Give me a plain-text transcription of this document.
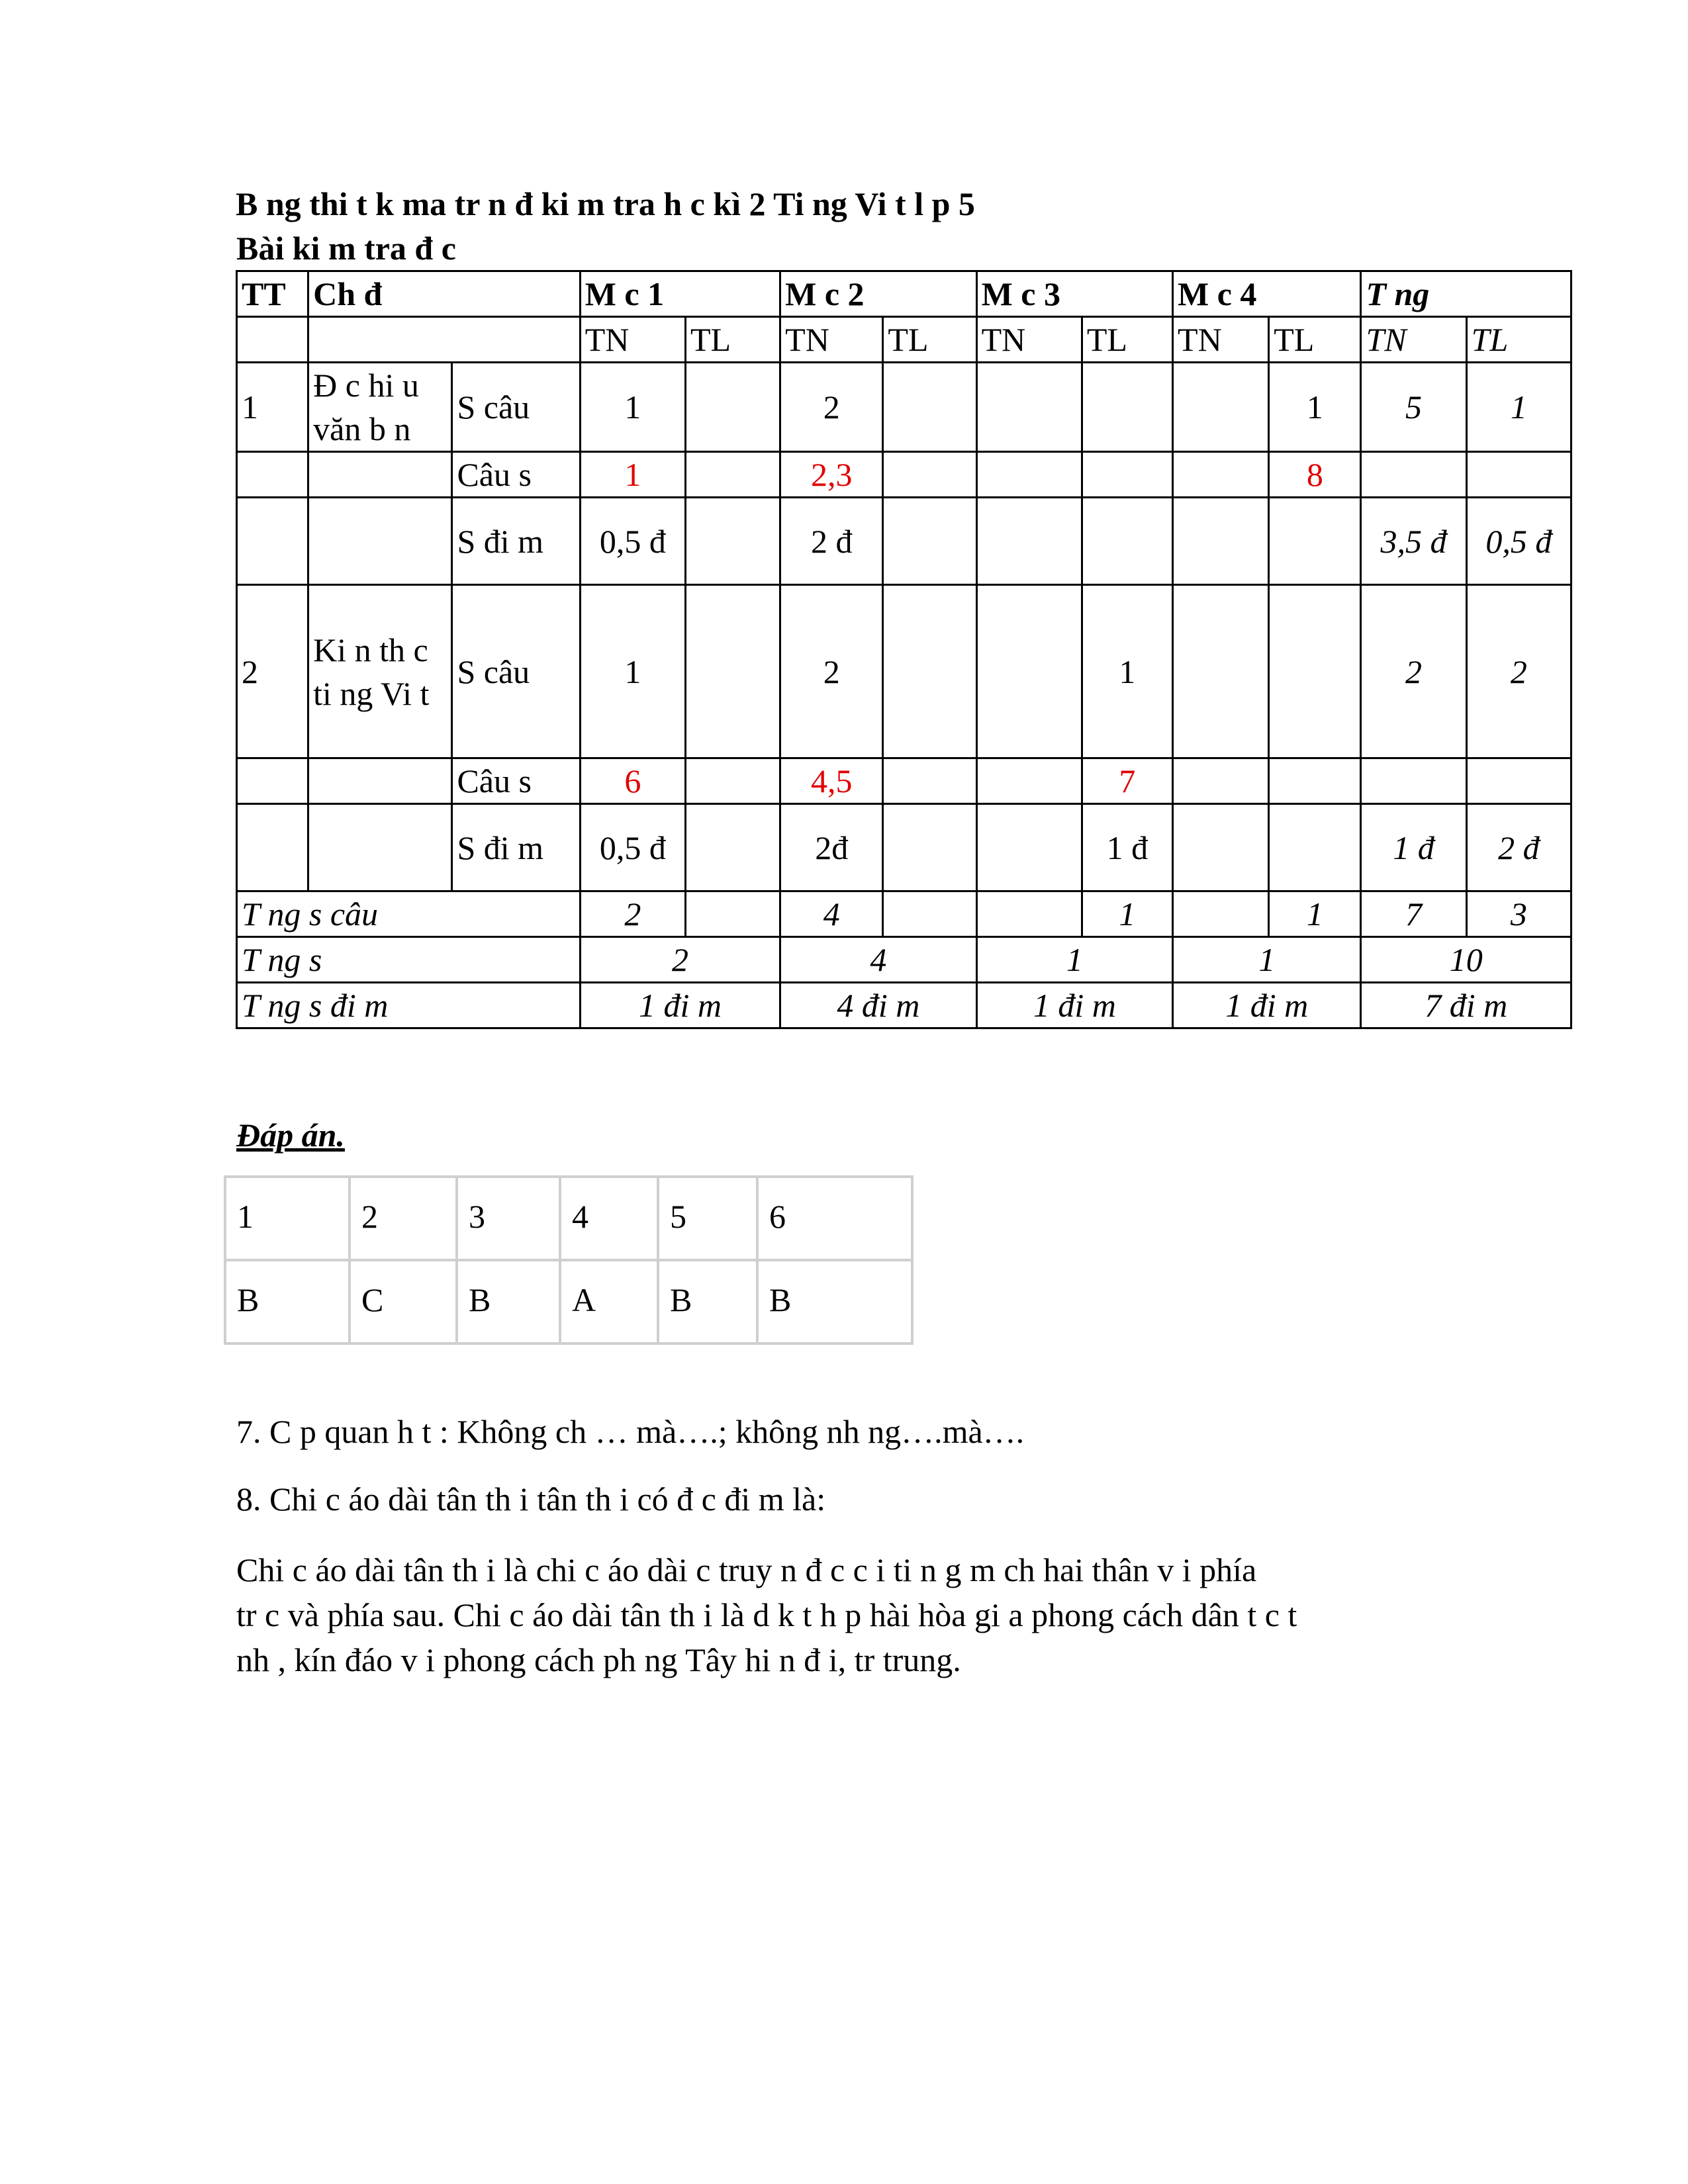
B ng thi t k ma tr n đ ki m tra h c kì 2 Ti ng Vi t l p 5
Bài ki m tra đ c
TT	Ch đ		M c 1		M c 2		M c 3		M c 4		T ng	
			TN	TL	TN	TL	TN	TL	TN	TL	TN	TL
1	Đ c hi u văn b n	S câu	1		2					1	5	1
		Câu s	1		2,3					8		
		S đi m	0,5 đ		2 đ						3,5 đ	0,5 đ
2	Ki n th c ti ng Vi t	S câu	1		2			1			2	2
		Câu s	6		4,5			7				
		S đi m	0,5 đ		2đ			1 đ			1 đ	2 đ
T ng s câu			2		4			1		1	7	3
T ng s			2		4		1		1		10	
T ng s đi m			1 đi m		4 đi m		1 đi m		1 đi m		7 đi m	
Đáp án.
1	2	3	4	5	6
B	C	B	A	B	B

7. C p quan h t : Không ch … mà….; không nh ng….mà….

8. Chi c áo dài tân th i tân th i có đ c đi m là:

Chi c áo dài tân th i là chi c áo dài c truy n đ c c i ti n g m ch hai thân v i phía
tr c và phía sau. Chi c áo dài tân th i là d k t h p hài hòa gi a phong cách dân t c t
nh , kín đáo v i phong cách ph ng Tây hi n đ i, tr trung.
